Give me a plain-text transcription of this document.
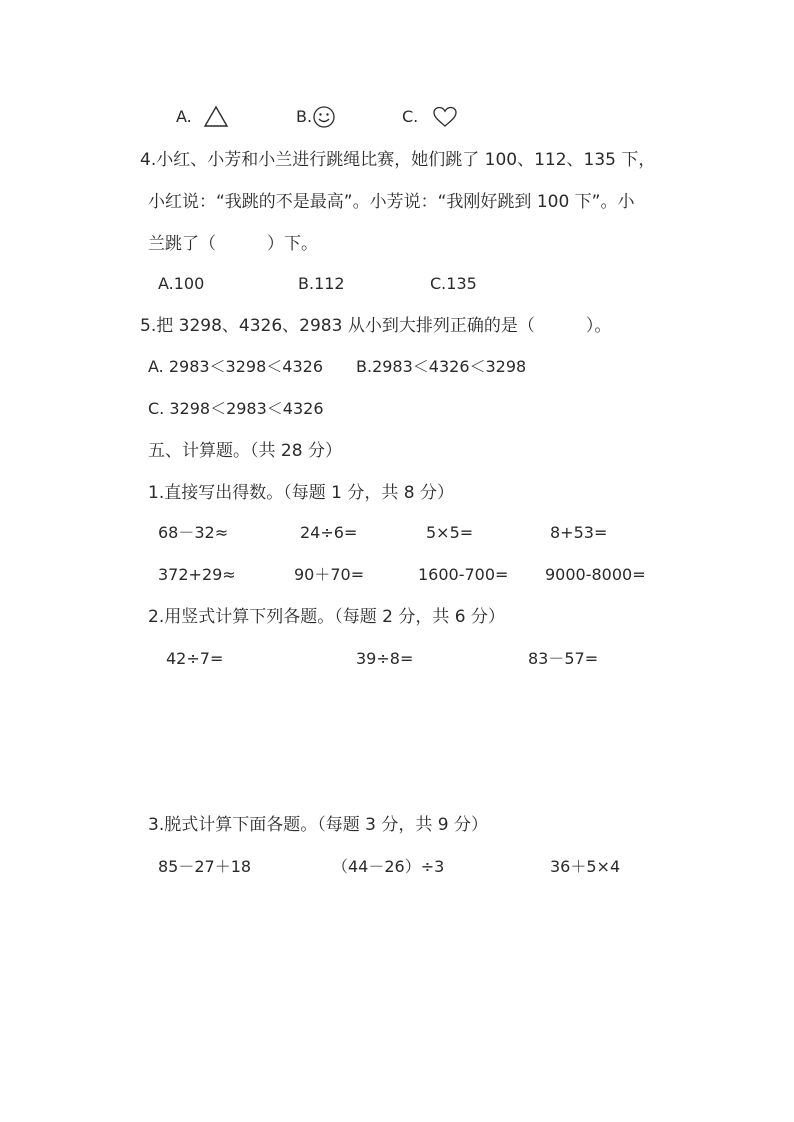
A.	B.	C.
4.小红、小芳和小兰进行跳绳比赛，她们跳了 100、112、135 下，
小红说：“我跳的不是最高”。小芳说：“我刚好跳到 100 下”。小
兰跳了（　　　）下。
A.100	B.112	C.135
5.把 3298、4326、2983 从小到大排列正确的是（　　　）。
A. 2983＜3298＜4326 B.2983＜4326＜3298
C. 3298＜2983＜4326
五、计算题。（共 28 分）
1.直接写出得数。（每题 1 分，共 8 分）
68－32≈	24÷6=	5×5=	8+53=
372+29≈	90＋70=	1600-700= 9000-8000=
2.用竖式计算下列各题。（每题 2 分，共 6 分）
42÷7=	39÷8=	83－57=
3.脱式计算下面各题。（每题 3 分，共 9 分）
85－27＋18	（44－26）÷3	36＋5×4
